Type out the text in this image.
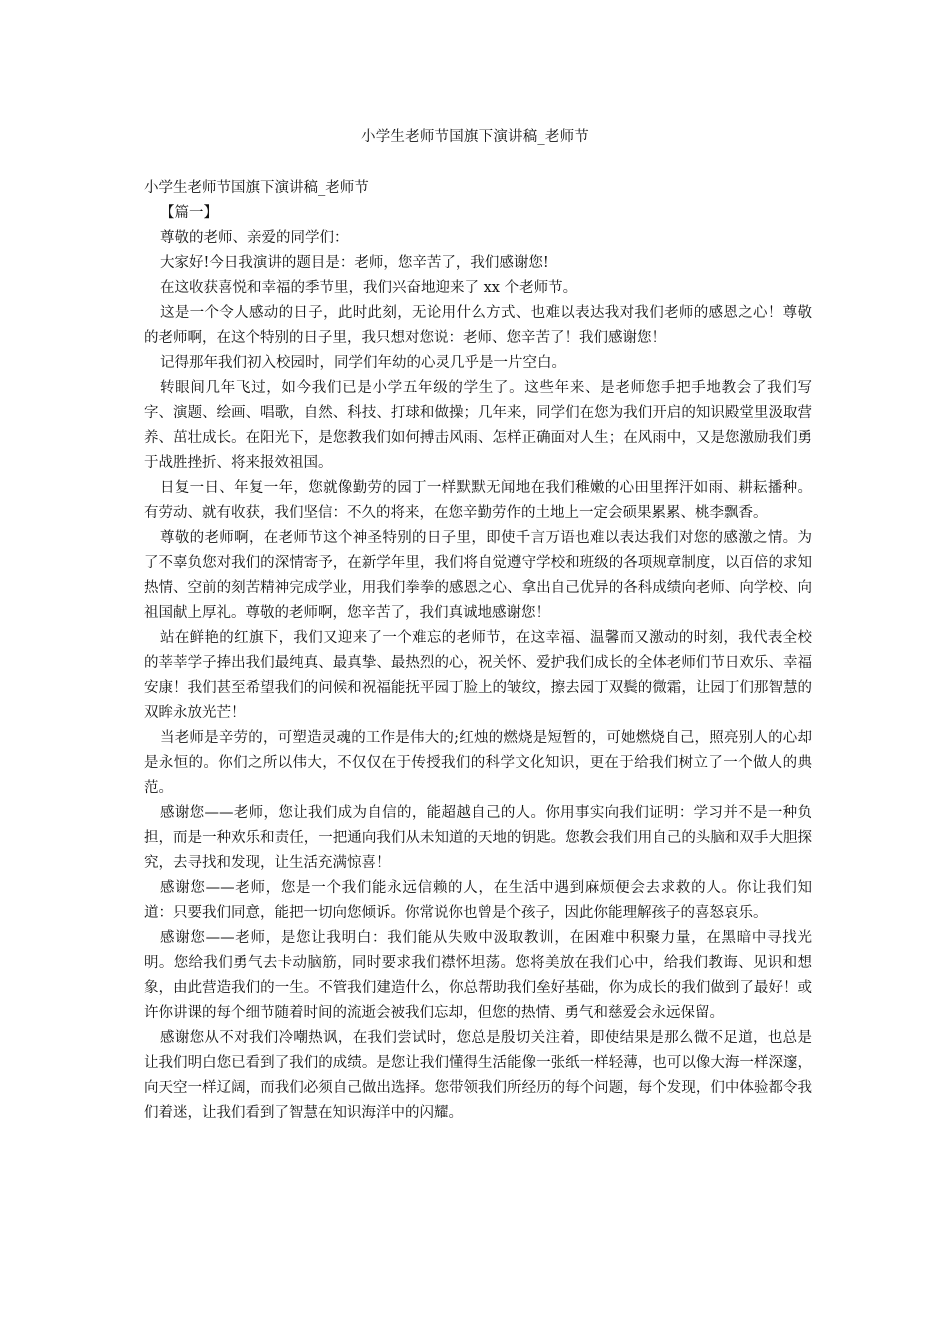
小学生老师节国旗下演讲稿_老师节

小学生老师节国旗下演讲稿_老师节

【篇一】

尊敬的老师、亲爱的同学们：

大家好!今日我演讲的题目是：老师，您辛苦了，我们感谢您!

在这收获喜悦和幸福的季节里，我们兴奋地迎来了 xx 个老师节。

这是一个令人感动的日子，此时此刻，无论用什么方式、也难以表达我对我们老师的感恩之心！尊敬的老师啊，在这个特别的日子里，我只想对您说：老师、您辛苦了！我们感谢您！

记得那年我们初入校园时，同学们年幼的心灵几乎是一片空白。

转眼间几年飞过，如今我们已是小学五年级的学生了。这些年来、是老师您手把手地教会了我们写字、演题、绘画、唱歌，自然、科技、打球和做操；几年来，同学们在您为我们开启的知识殿堂里汲取营养、茁壮成长。在阳光下，是您教我们如何搏击风雨、怎样正确面对人生；在风雨中，又是您激励我们勇于战胜挫折、将来报效祖国。

日复一日、年复一年，您就像勤劳的园丁一样默默无闻地在我们稚嫩的心田里挥汗如雨、耕耘播种。有劳动、就有收获，我们坚信：不久的将来，在您辛勤劳作的土地上一定会硕果累累、桃李飘香。

尊敬的老师啊，在老师节这个神圣特别的日子里，即使千言万语也难以表达我们对您的感激之情。为了不辜负您对我们的深情寄予，在新学年里，我们将自觉遵守学校和班级的各项规章制度，以百倍的求知热情、空前的刻苦精神完成学业，用我们拳拳的感恩之心、拿出自己优异的各科成绩向老师、向学校、向祖国献上厚礼。尊敬的老师啊，您辛苦了，我们真诚地感谢您！

站在鲜艳的红旗下，我们又迎来了一个难忘的老师节，在这幸福、温馨而又激动的时刻，我代表全校的莘莘学子捧出我们最纯真、最真挚、最热烈的心，祝关怀、爱护我们成长的全体老师们节日欢乐、幸福安康！我们甚至希望我们的问候和祝福能抚平园丁脸上的皱纹，擦去园丁双鬓的微霜，让园丁们那智慧的双眸永放光芒！

当老师是辛劳的，可塑造灵魂的工作是伟大的;红烛的燃烧是短暂的，可她燃烧自己，照亮别人的心却是永恒的。你们之所以伟大，不仅仅在于传授我们的科学文化知识，更在于给我们树立了一个做人的典范。

感谢您——老师，您让我们成为自信的，能超越自己的人。你用事实向我们证明：学习并不是一种负担，而是一种欢乐和责任，一把通向我们从未知道的天地的钥匙。您教会我们用自己的头脑和双手大胆探究，去寻找和发现，让生活充满惊喜！

感谢您——老师，您是一个我们能永远信赖的人，在生活中遇到麻烦便会去求救的人。你让我们知道：只要我们同意，能把一切向您倾诉。你常说你也曾是个孩子，因此你能理解孩子的喜怒哀乐。

感谢您——老师，是您让我明白：我们能从失败中汲取教训，在困难中积聚力量，在黑暗中寻找光明。您给我们勇气去卡动脑筋，同时要求我们襟怀坦荡。您将美放在我们心中，给我们教诲、见识和想象，由此营造我们的一生。不管我们建造什么，你总帮助我们垒好基础，你为成长的我们做到了最好！或许你讲课的每个细节随着时间的流逝会被我们忘却，但您的热情、勇气和慈爱会永远保留。

感谢您从不对我们冷嘲热讽，在我们尝试时，您总是殷切关注着，即使结果是那么微不足道，也总是让我们明白您已看到了我们的成绩。是您让我们懂得生活能像一张纸一样轻薄，也可以像大海一样深邃，向天空一样辽阔，而我们必须自己做出选择。您带领我们所经历的每个问题，每个发现，们中体验都令我们着迷，让我们看到了智慧在知识海洋中的闪耀。
